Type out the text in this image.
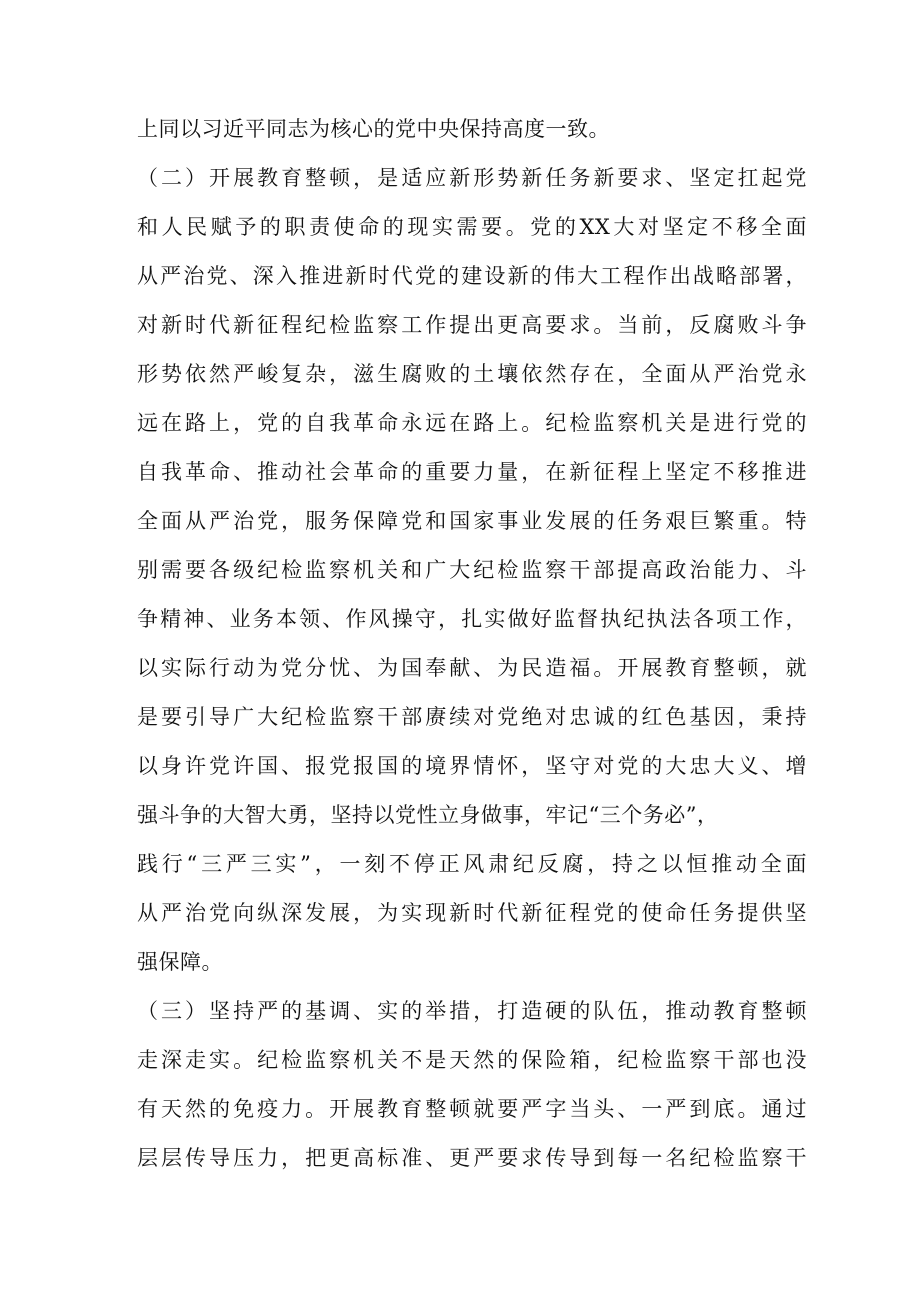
上同以习近平同志为核心的党中央保持高度一致。
（二）开展教育整顿，是适应新形势新任务新要求、坚定扛起党
和人民赋予的职责使命的现实需要。党的XX大对坚定不移全面
从严治党、深入推进新时代党的建设新的伟大工程作出战略部署，
对新时代新征程纪检监察工作提出更高要求。当前，反腐败斗争
形势依然严峻复杂，滋生腐败的土壤依然存在，全面从严治党永
远在路上，党的自我革命永远在路上。纪检监察机关是进行党的
自我革命、推动社会革命的重要力量，在新征程上坚定不移推进
全面从严治党，服务保障党和国家事业发展的任务艰巨繁重。特
别需要各级纪检监察机关和广大纪检监察干部提高政治能力、斗
争精神、业务本领、作风操守，扎实做好监督执纪执法各项工作，
以实际行动为党分忧、为国奉献、为民造福。开展教育整顿，就
是要引导广大纪检监察干部赓续对党绝对忠诚的红色基因，秉持
以身许党许国、报党报国的境界情怀，坚守对党的大忠大义、增
强斗争的大智大勇，坚持以党性立身做事，牢记“三个务必”，
践行“三严三实”，一刻不停正风肃纪反腐，持之以恒推动全面
从严治党向纵深发展，为实现新时代新征程党的使命任务提供坚
强保障。
（三）坚持严的基调、实的举措，打造硬的队伍，推动教育整顿
走深走实。纪检监察机关不是天然的保险箱，纪检监察干部也没
有天然的免疫力。开展教育整顿就要严字当头、一严到底。通过
层层传导压力，把更高标准、更严要求传导到每一名纪检监察干
